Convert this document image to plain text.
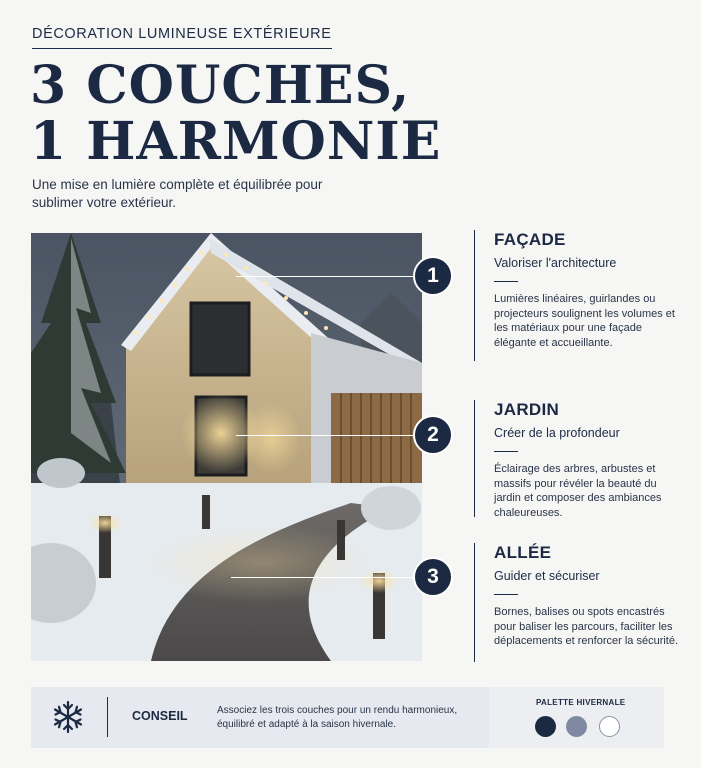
DÉCORATION LUMINEUSE EXTÉRIEURE
3 COUCHES,
1 HARMONIE
Une mise en lumière complète et équilibrée pour sublimer votre extérieur.
1
2
3
FAÇADE
Valoriser l'architecture
Lumières linéaires, guirlandes ou projecteurs soulignent les volumes et les matériaux pour une façade élégante et accueillante.
JARDIN
Créer de la profondeur
Éclairage des arbres, arbustes et massifs pour révéler la beauté du jardin et composer des ambiances chaleureuses.
ALLÉE
Guider et sécuriser
Bornes, balises ou spots encastrés pour baliser les parcours, faciliter les déplacements et renforcer la sécurité.
CONSEIL	Associez les trois couches pour un rendu harmonieux, équilibré et adapté à la saison hivernale.
PALETTE HIVERNALE
